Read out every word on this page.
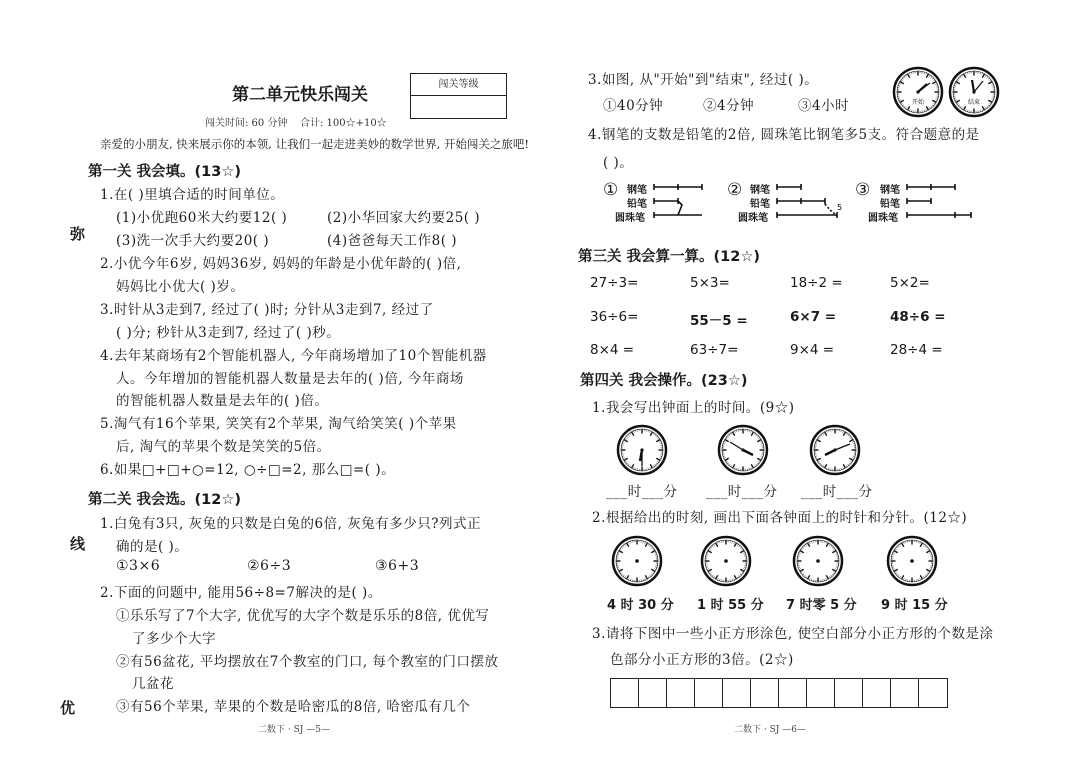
第二单元快乐闯关
闯关等级
闯关时间: 60 分钟 合计: 100☆+10☆
亲爱的小朋友, 快来展示你的本领, 让我们一起走进美妙的数学世界, 开始闯关之旅吧!
弥
线
优
第一关 我会填。(13☆)
1.在( )里填合适的时间单位。
(1)小优跑60米大约要12( )	(2)小华回家大约要25( )
(3)洗一次手大约要20( )	(4)爸爸每天工作8( )
2.小优今年6岁, 妈妈36岁, 妈妈的年龄是小优年龄的( )倍,
妈妈比小优大( )岁。
3.时针从3走到7, 经过了( )时; 分针从3走到7, 经过了
( )分; 秒针从3走到7, 经过了( )秒。
4.去年某商场有2个智能机器人, 今年商场增加了10个智能机器
人。今年增加的智能机器人数量是去年的( )倍, 今年商场
的智能机器人数量是去年的( )倍。
5.淘气有16个苹果, 笑笑有2个苹果, 淘气给笑笑( )个苹果
后, 淘气的苹果个数是笑笑的5倍。
6.如果□+□+○=12, ○÷□=2, 那么□=( )。
第二关 我会选。(12☆)
1.白兔有3只, 灰兔的只数是白兔的6倍, 灰兔有多少只?列式正
确的是( )。
①3×6	②6÷3	③6+3
2.下面的问题中, 能用56÷8=7解决的是( )。
①乐乐写了7个大字, 优优写的大字个数是乐乐的8倍, 优优写
了多少个大字
②有56盆花, 平均摆放在7个教室的门口, 每个教室的门口摆放
几盆花
③有56个苹果, 苹果的个数是哈密瓜的8倍, 哈密瓜有几个
二数下 · SJ —5—
3.如图, 从"开始"到"结束", 经过( )。
①40分钟	②4分钟	③4小时	开始	结束
4.钢笔的支数是铅笔的2倍, 圆珠笔比钢笔多5支。符合题意的是
( )。
①	②	③
钢笔
铅笔
圆珠笔
钢笔
铅笔
圆珠笔
钢笔
铅笔
圆珠笔
5
第三关 我会算一算。(12☆)
27÷3=	5×3=	18÷2 =	5×2=
36÷6=	55－5 =	6×7 =	48÷6 =
8×4 =	63÷7=	9×4 =	28÷4 =
第四关 我会操作。(23☆)
1.我会写出钟面上的时间。(9☆)
___时___分 ___时___分 ___时___分
2.根据给出的时刻, 画出下面各钟面上的时针和分针。(12☆)
4 时 30 分 1 时 55 分 7 时零 5 分 9 时 15 分
3.请将下图中一些小正方形涂色, 使空白部分小正方形的个数是涂
色部分小正方形的3倍。(2☆)
二数下 · SJ —6—
